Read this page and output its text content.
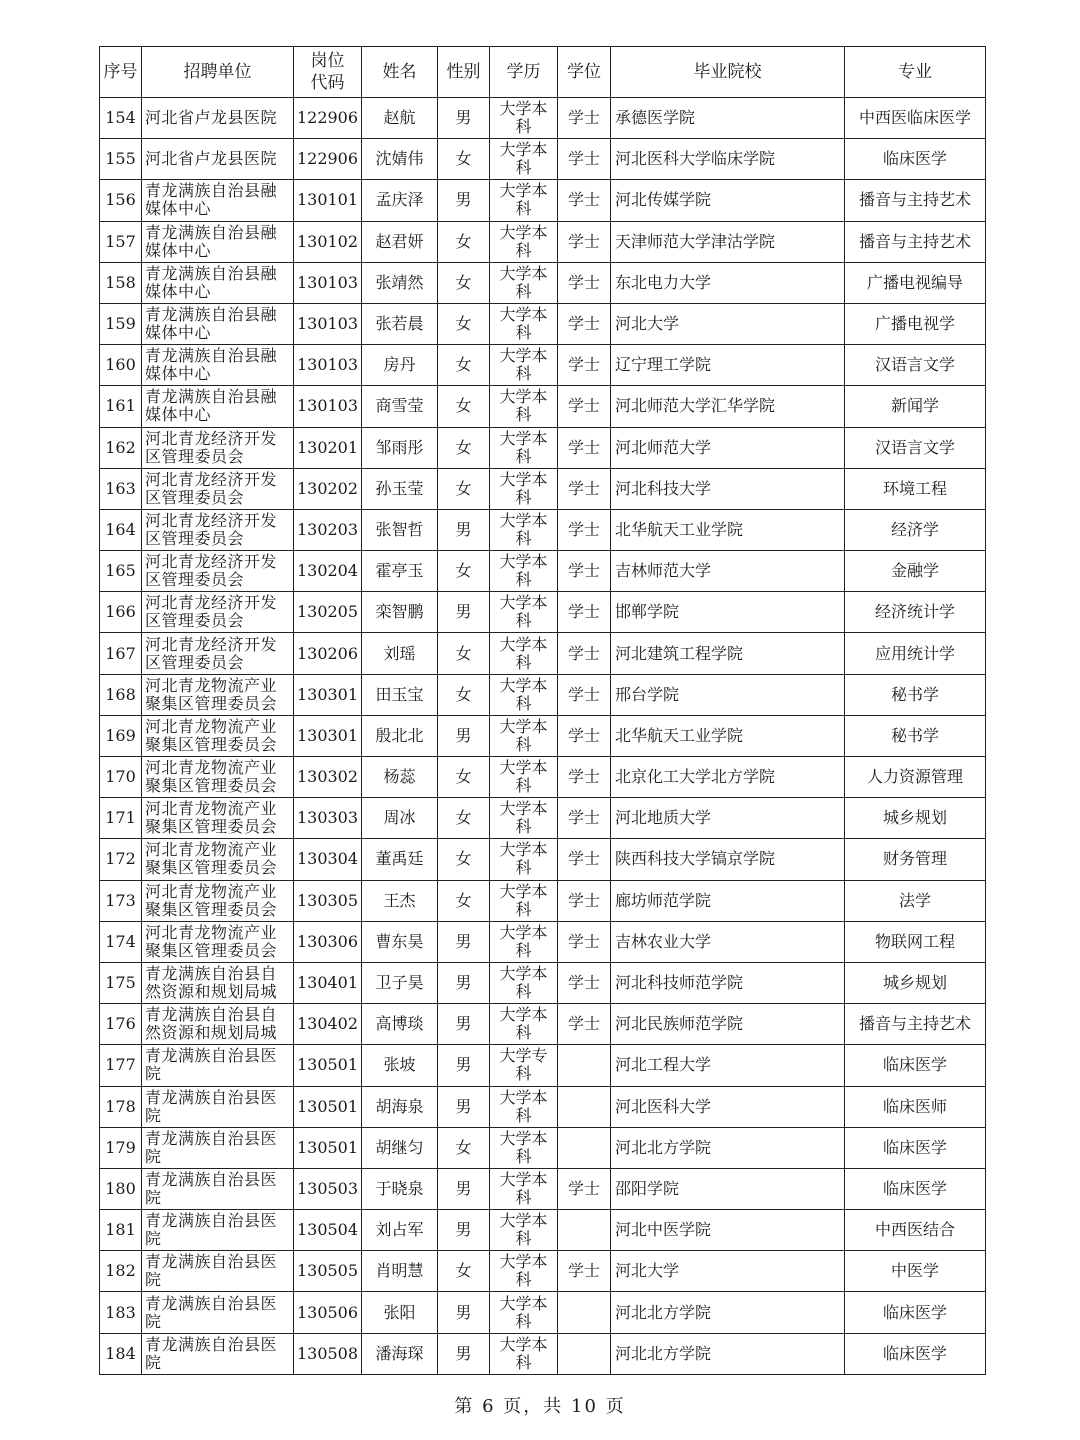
序号	招聘单位	岗位代码	姓名	性别	学历	学位	毕业院校	专业
154	河北省卢龙县医院	122906	赵航	男	大学本科	学士	承德医学院	中西医临床医学
155	河北省卢龙县医院	122906	沈婧伟	女	大学本科	学士	河北医科大学临床学院	临床医学
156	青龙满族自治县融媒体中心	130101	孟庆泽	男	大学本科	学士	河北传媒学院	播音与主持艺术
157	青龙满族自治县融媒体中心	130102	赵君妍	女	大学本科	学士	天津师范大学津沽学院	播音与主持艺术
158	青龙满族自治县融媒体中心	130103	张靖然	女	大学本科	学士	东北电力大学	广播电视编导
159	青龙满族自治县融媒体中心	130103	张若晨	女	大学本科	学士	河北大学	广播电视学
160	青龙满族自治县融媒体中心	130103	房丹	女	大学本科	学士	辽宁理工学院	汉语言文学
161	青龙满族自治县融媒体中心	130103	商雪莹	女	大学本科	学士	河北师范大学汇华学院	新闻学
162	河北青龙经济开发区管理委员会	130201	邹雨彤	女	大学本科	学士	河北师范大学	汉语言文学
163	河北青龙经济开发区管理委员会	130202	孙玉莹	女	大学本科	学士	河北科技大学	环境工程
164	河北青龙经济开发区管理委员会	130203	张智哲	男	大学本科	学士	北华航天工业学院	经济学
165	河北青龙经济开发区管理委员会	130204	霍亭玉	女	大学本科	学士	吉林师范大学	金融学
166	河北青龙经济开发区管理委员会	130205	栾智鹏	男	大学本科	学士	邯郸学院	经济统计学
167	河北青龙经济开发区管理委员会	130206	刘瑶	女	大学本科	学士	河北建筑工程学院	应用统计学
168	河北青龙物流产业聚集区管理委员会	130301	田玉宝	女	大学本科	学士	邢台学院	秘书学
169	河北青龙物流产业聚集区管理委员会	130301	殷北北	男	大学本科	学士	北华航天工业学院	秘书学
170	河北青龙物流产业聚集区管理委员会	130302	杨蕊	女	大学本科	学士	北京化工大学北方学院	人力资源管理
171	河北青龙物流产业聚集区管理委员会	130303	周冰	女	大学本科	学士	河北地质大学	城乡规划
172	河北青龙物流产业聚集区管理委员会	130304	董禹廷	女	大学本科	学士	陕西科技大学镐京学院	财务管理
173	河北青龙物流产业聚集区管理委员会	130305	王杰	女	大学本科	学士	廊坊师范学院	法学
174	河北青龙物流产业聚集区管理委员会	130306	曹东昊	男	大学本科	学士	吉林农业大学	物联网工程
175	青龙满族自治县自然资源和规划局城	130401	卫子昊	男	大学本科	学士	河北科技师范学院	城乡规划
176	青龙满族自治县自然资源和规划局城	130402	高博琰	男	大学本科	学士	河北民族师范学院	播音与主持艺术
177	青龙满族自治县医院	130501	张坡	男	大学专科		河北工程大学	临床医学
178	青龙满族自治县医院	130501	胡海泉	男	大学本科		河北医科大学	临床医师
179	青龙满族自治县医院	130501	胡继匀	女	大学本科		河北北方学院	临床医学
180	青龙满族自治县医院	130503	于晓泉	男	大学本科	学士	邵阳学院	临床医学
181	青龙满族自治县医院	130504	刘占军	男	大学本科		河北中医学院	中西医结合
182	青龙满族自治县医院	130505	肖明慧	女	大学本科	学士	河北大学	中医学
183	青龙满族自治县医院	130506	张阳	男	大学本科		河北北方学院	临床医学
184	青龙满族自治县医院	130508	潘海琛	男	大学本科		河北北方学院	临床医学
第 6 页，共 10 页
